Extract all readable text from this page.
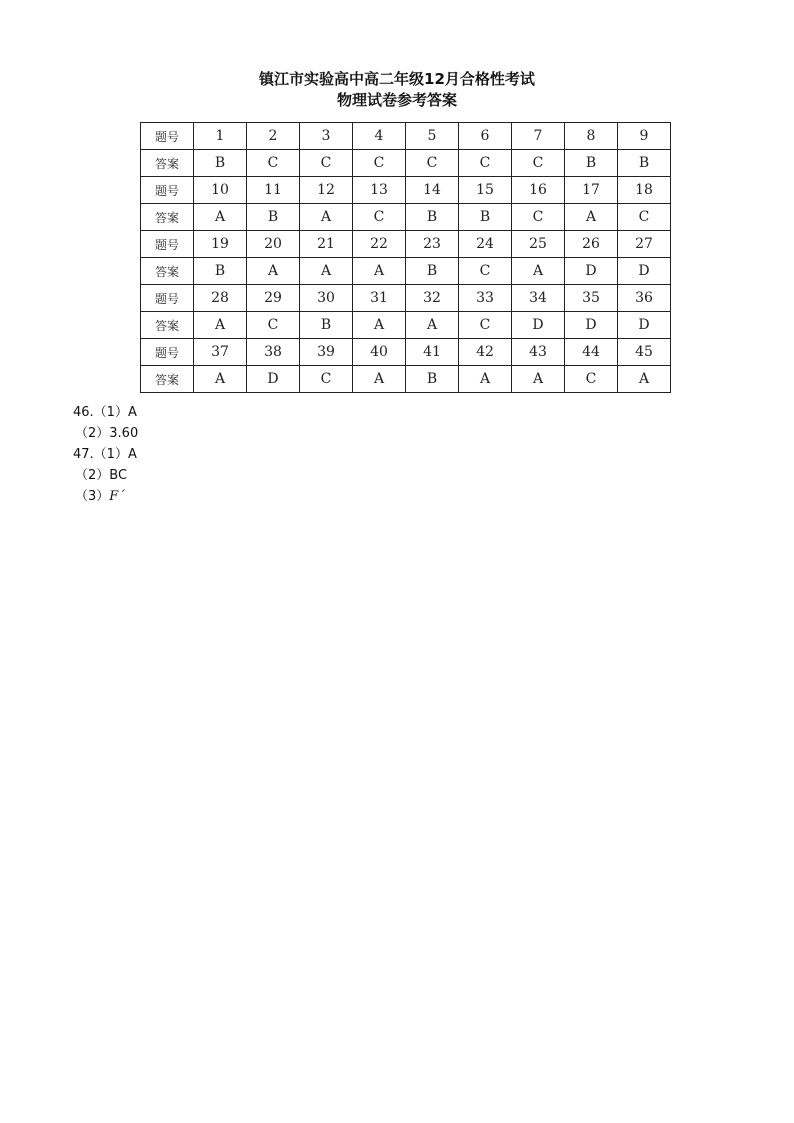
镇江市实验高中高二年级12月合格性考试
物理试卷参考答案
题号	1	2	3	4	5	6	7	8	9
答案	B	C	C	C	C	C	C	B	B
题号	10	11	12	13	14	15	16	17	18
答案	A	B	A	C	B	B	C	A	C
题号	19	20	21	22	23	24	25	26	27
答案	B	A	A	A	B	C	A	D	D
题号	28	29	30	31	32	33	34	35	36
答案	A	C	B	A	A	C	D	D	D
题号	37	38	39	40	41	42	43	44	45
答案	A	D	C	A	B	A	A	C	A
46.（1）A
（2）3.60
47.（1）A
（2）BC
（3）F´
